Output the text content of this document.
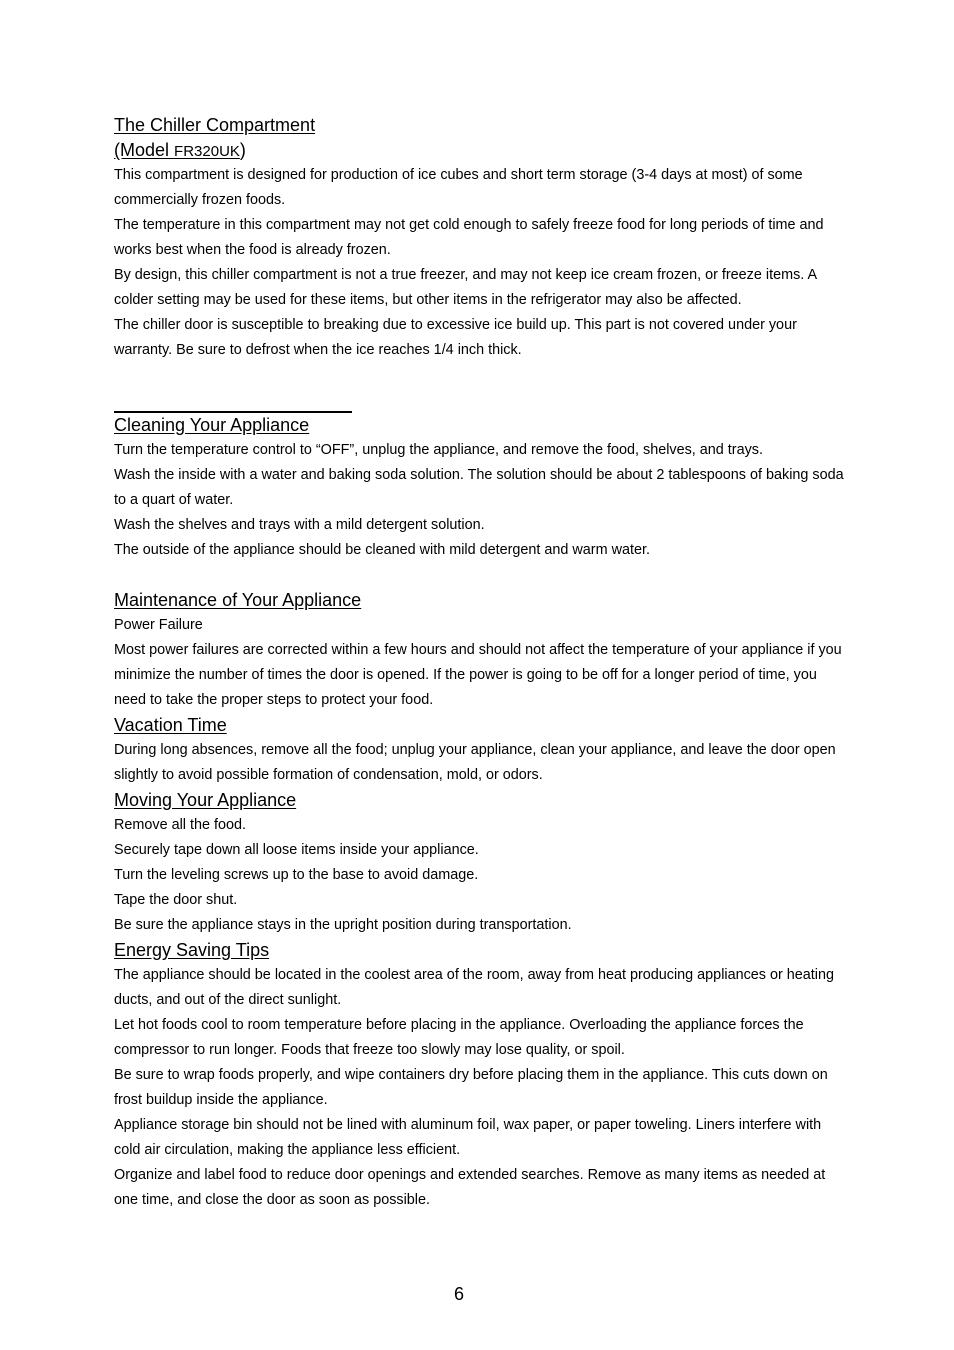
The Chiller Compartment
(Model FR320UK)

This compartment is designed for production of ice cubes and short term storage (3-4 days at most) of some commercially frozen foods.

The temperature in this compartment may not get cold enough to safely freeze food for long periods of time and works best when the food is already frozen.

By design, this chiller compartment is not a true freezer, and may not keep ice cream frozen, or freeze items. A colder setting may be used for these items, but other items in the refrigerator may also be affected.

The chiller door is susceptible to breaking due to excessive ice build up. This part is not covered under your warranty. Be sure to defrost when the ice reaches 1/4 inch thick.

Cleaning Your Appliance

Turn the temperature control to “OFF”, unplug the appliance, and remove the food, shelves, and trays.

Wash the inside with a water and baking soda solution. The solution should be about 2 tablespoons of baking soda to a quart of water.

Wash the shelves and trays with a mild detergent solution.

The outside of the appliance should be cleaned with mild detergent and warm water.

Maintenance of Your Appliance

Power Failure

Most power failures are corrected within a few hours and should not affect the temperature of your appliance if you minimize the number of times the door is opened. If the power is going to be off for a longer period of time, you need to take the proper steps to protect your food.

Vacation Time

During long absences, remove all the food; unplug your appliance, clean your appliance, and leave the door open slightly to avoid possible formation of condensation, mold, or odors.

Moving Your Appliance

Remove all the food.

Securely tape down all loose items inside your appliance.

Turn the leveling screws up to the base to avoid damage.

Tape the door shut.

Be sure the appliance stays in the upright position during transportation.

Energy Saving Tips

The appliance should be located in the coolest area of the room, away from heat producing appliances or heating ducts, and out of the direct sunlight.

Let hot foods cool to room temperature before placing in the appliance. Overloading the appliance forces the compressor to run longer. Foods that freeze too slowly may lose quality, or spoil.

Be sure to wrap foods properly, and wipe containers dry before placing them in the appliance. This cuts down on frost buildup inside the appliance.

Appliance storage bin should not be lined with aluminum foil, wax paper, or paper toweling. Liners interfere with cold air circulation, making the appliance less efficient.

Organize and label food to reduce door openings and extended searches. Remove as many items as needed at one time, and close the door as soon as possible.

6
